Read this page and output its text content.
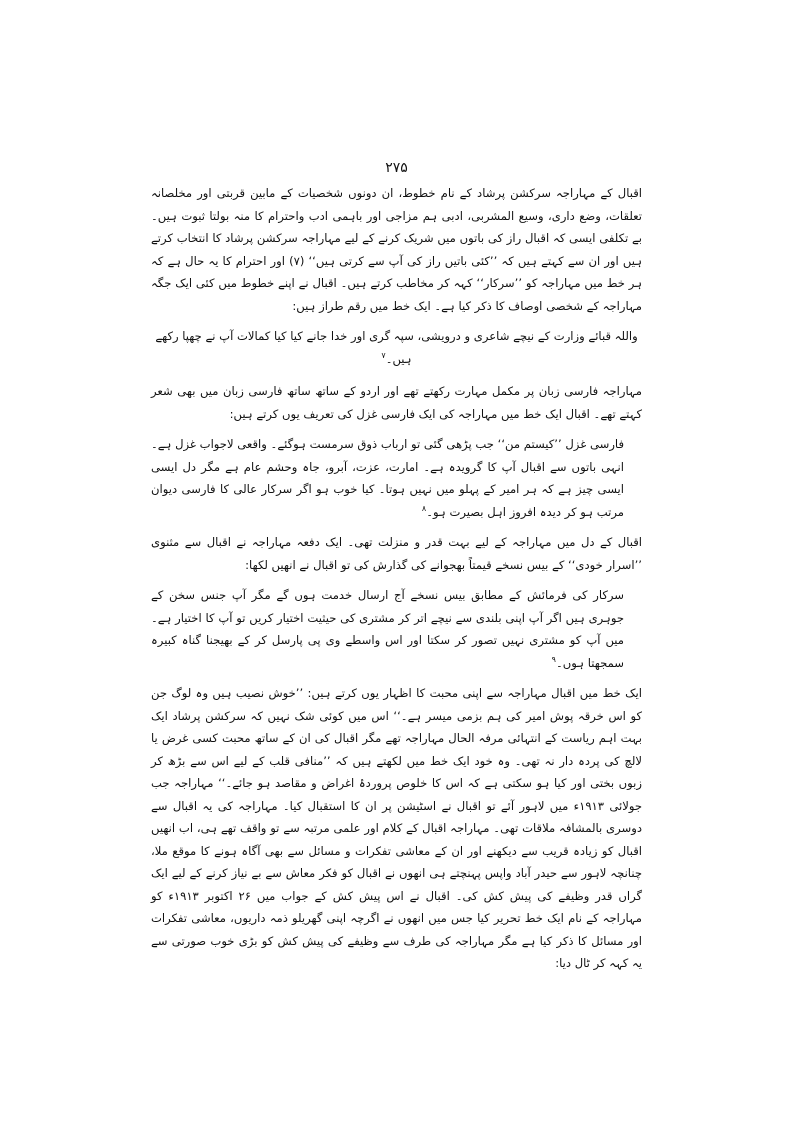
۲۷۵

اقبال کے مہاراجہ سرکشن پرشاد کے نام خطوط، ان دونوں شخصیات کے مابین قربتی اور مخلصانہ تعلقات، وضع داری، وسیع المشربی، ادبی ہم مزاجی اور باہمی ادب واحترام کا منہ بولتا ثبوت ہیں۔ بے تکلفی ایسی کہ اقبال راز کی باتوں میں شریک کرنے کے لیے مہاراجہ سرکشن پرشاد کا انتخاب کرتے ہیں اور ان سے کہتے ہیں کہ ’’کئی باتیں راز کی آپ سے کرتی ہیں‘‘ (۷) اور احترام کا یہ حال ہے کہ ہر خط میں مہاراجہ کو ’’سرکار‘‘ کہہ کر مخاطب کرتے ہیں۔ اقبال نے اپنے خطوط میں کئی ایک جگہ مہاراجہ کے شخصی اوصاف کا ذکر کیا ہے۔ ایک خط میں رقم طراز ہیں:

واللہ قبائے وزارت کے نیچے شاعری و درویشی، سپہ گری اور خدا جانے کیا کیا کمالات آپ نے چھپا رکھے ہیں۔$^۷$

مہاراجہ فارسی زبان پر مکمل مہارت رکھتے تھے اور اردو کے ساتھ ساتھ فارسی زبان میں بھی شعر کہتے تھے۔ اقبال ایک خط میں مہاراجہ کی ایک فارسی غزل کی تعریف یوں کرتے ہیں:

فارسی غزل ’’کیستم من‘‘ جب پڑھی گئی تو ارباب ذوق سرمست ہوگئے۔ واقعی لاجواب غزل ہے۔ انہی باتوں سے اقبال آپ کا گرویدہ ہے۔ امارت، عزت، آبرو، جاہ وحشم عام ہے مگر دل ایسی ایسی چیز ہے کہ ہر امیر کے پہلو میں نہیں ہوتا۔ کیا خوب ہو اگر سرکار عالی کا فارسی دیوان مرتب ہو کر دیدہ افروز اہل بصیرت ہو۔$^۸$

اقبال کے دل میں مہاراجہ کے لیے بہت قدر و منزلت تھی۔ ایک دفعہ مہاراجہ نے اقبال سے مثنوی ’’اسرار خودی‘‘ کے بیس نسخے قیمتاً بھجوانے کی گذارش کی تو اقبال نے انھیں لکھا:

سرکار کی فرمائش کے مطابق بیس نسخے آج ارسال خدمت ہوں گے مگر آپ جنس سخن کے جوہری ہیں اگر آپ اپنی بلندی سے نیچے اتر کر مشتری کی حیثیت اختیار کریں تو آپ کا اختیار ہے۔ میں آپ کو مشتری نہیں تصور کر سکتا اور اس واسطے وی پی پارسل کر کے بھیجنا گناہ کبیرہ سمجھتا ہوں۔$^۹$

ایک خط میں اقبال مہاراجہ سے اپنی محبت کا اظہار یوں کرتے ہیں: ’’خوش نصیب ہیں وہ لوگ جن کو اس خرقہ پوش امیر کی ہم بزمی میسر ہے۔‘‘ اس میں کوئی شک نہیں کہ سرکشن پرشاد ایک بہت اہم ریاست کے انتہائی مرفہ الحال مہاراجہ تھے مگر اقبال کی ان کے ساتھ محبت کسی غرض یا لالچ کی پردہ دار نہ تھی۔ وہ خود ایک خط میں لکھتے ہیں کہ ’’منافی قلب کے لیے اس سے بڑھ کر زبوں بختی اور کیا ہو سکتی ہے کہ اس کا خلوص پروردۂ اغراض و مقاصد ہو جائے۔‘‘ مہاراجہ جب جولائی ۱۹۱۳ء میں لاہور آئے تو اقبال نے اسٹیشن پر ان کا استقبال کیا۔ مہاراجہ کی یہ اقبال سے دوسری بالمشافہ ملاقات تھی۔ مہاراجہ اقبال کے کلام اور علمی مرتبہ سے تو واقف تھے ہی، اب انھیں اقبال کو زیادہ قریب سے دیکھنے اور ان کے معاشی تفکرات و مسائل سے بھی آگاہ ہونے کا موقع ملا، چنانچہ لاہور سے حیدر آباد واپس پہنچتے ہی انھوں نے اقبال کو فکر معاش سے بے نیاز کرنے کے لیے ایک گراں قدر وظیفے کی پیش کش کی۔ اقبال نے اس پیش کش کے جواب میں ۲۶ اکتوبر ۱۹۱۳ء کو مہاراجہ کے نام ایک خط تحریر کیا جس میں انھوں نے اگرچہ اپنی گھریلو ذمہ داریوں، معاشی تفکرات اور مسائل کا ذکر کیا ہے مگر مہاراجہ کی طرف سے وظیفے کی پیش کش کو بڑی خوب صورتی سے یہ کہہ کر ٹال دیا:
